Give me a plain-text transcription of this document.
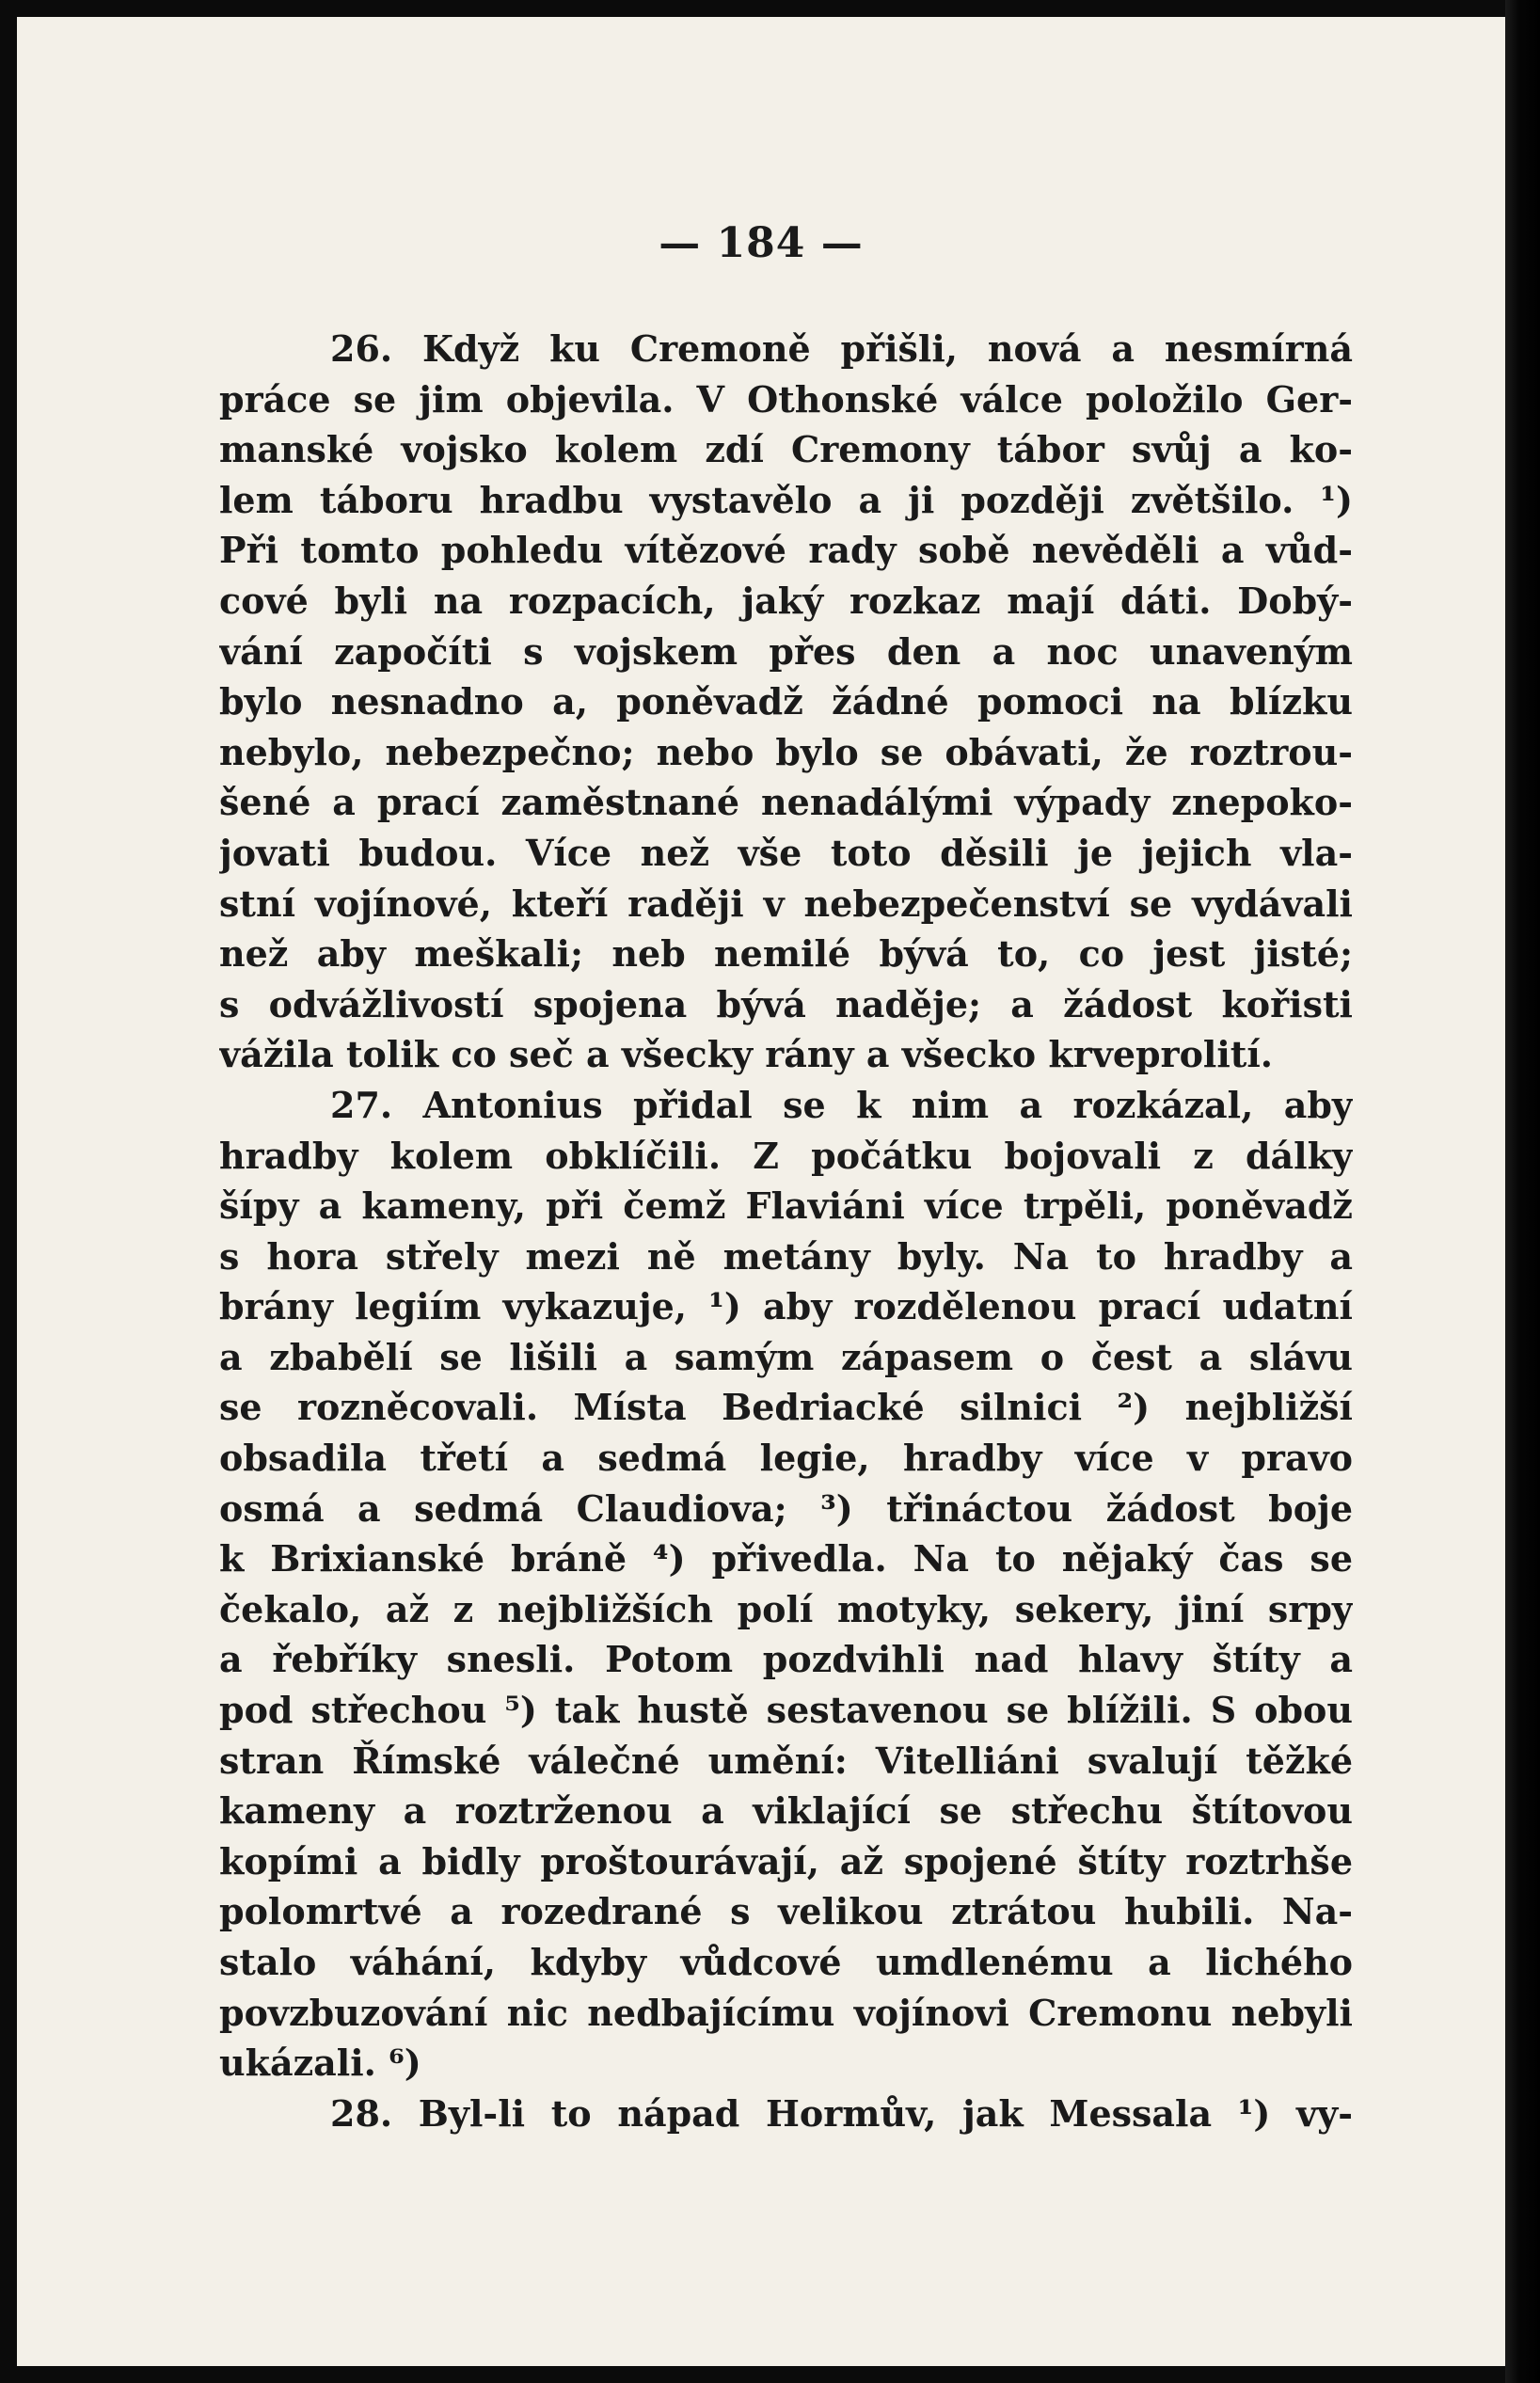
— 184 —
26. Když ku Cremoně přišli, nová a nesmírná
práce se jim objevila. V Othonské válce položilo Ger-
manské vojsko kolem zdí Cremony tábor svůj a ko-
lem táboru hradbu vystavělo a ji později zvětšilo. ¹)
Při tomto pohledu vítězové rady sobě nevěděli a vůd-
cové byli na rozpacích, jaký rozkaz mají dáti. Dobý-
vání započíti s vojskem přes den a noc unaveným
bylo nesnadno a, poněvadž žádné pomoci na blízku
nebylo, nebezpečno; nebo bylo se obávati, že roztrou-
šené a prací zaměstnané nenadálými výpady znepoko-
jovati budou. Více než vše toto děsili je jejich vla-
stní vojínové, kteří raději v nebezpečenství se vydávali
než aby meškali; neb nemilé bývá to, co jest jisté;
s odvážlivostí spojena bývá naděje; a žádost kořisti
vážila tolik co seč a všecky rány a všecko krveprolití.
27. Antonius přidal se k nim a rozkázal, aby
hradby kolem obklíčili. Z počátku bojovali z dálky
šípy a kameny, při čemž Flaviáni více trpěli, poněvadž
s hora střely mezi ně metány byly. Na to hradby a
brány legiím vykazuje, ¹) aby rozdělenou prací udatní
a zbabělí se lišili a samým zápasem o čest a slávu
se rozněcovali. Místa Bedriacké silnici ²) nejbližší
obsadila třetí a sedmá legie, hradby více v pravo
osmá a sedmá Claudiova; ³) třináctou žádost boje
k Brixianské bráně ⁴) přivedla. Na to nějaký čas se
čekalo, až z nejbližších polí motyky, sekery, jiní srpy
a řebříky snesli. Potom pozdvihli nad hlavy štíty a
pod střechou ⁵) tak hustě sestavenou se blížili. S obou
stran Římské válečné umění: Vitelliáni svalují těžké
kameny a roztrženou a viklající se střechu štítovou
kopími a bidly proštourávají, až spojené štíty roztrhše
polomrtvé a rozedrané s velikou ztrátou hubili. Na-
stalo váhání, kdyby vůdcové umdlenému a lichého
povzbuzování nic nedbajícímu vojínovi Cremonu nebyli
ukázali. ⁶)
28. Byl-li to nápad Hormův, jak Messala ¹) vy-
